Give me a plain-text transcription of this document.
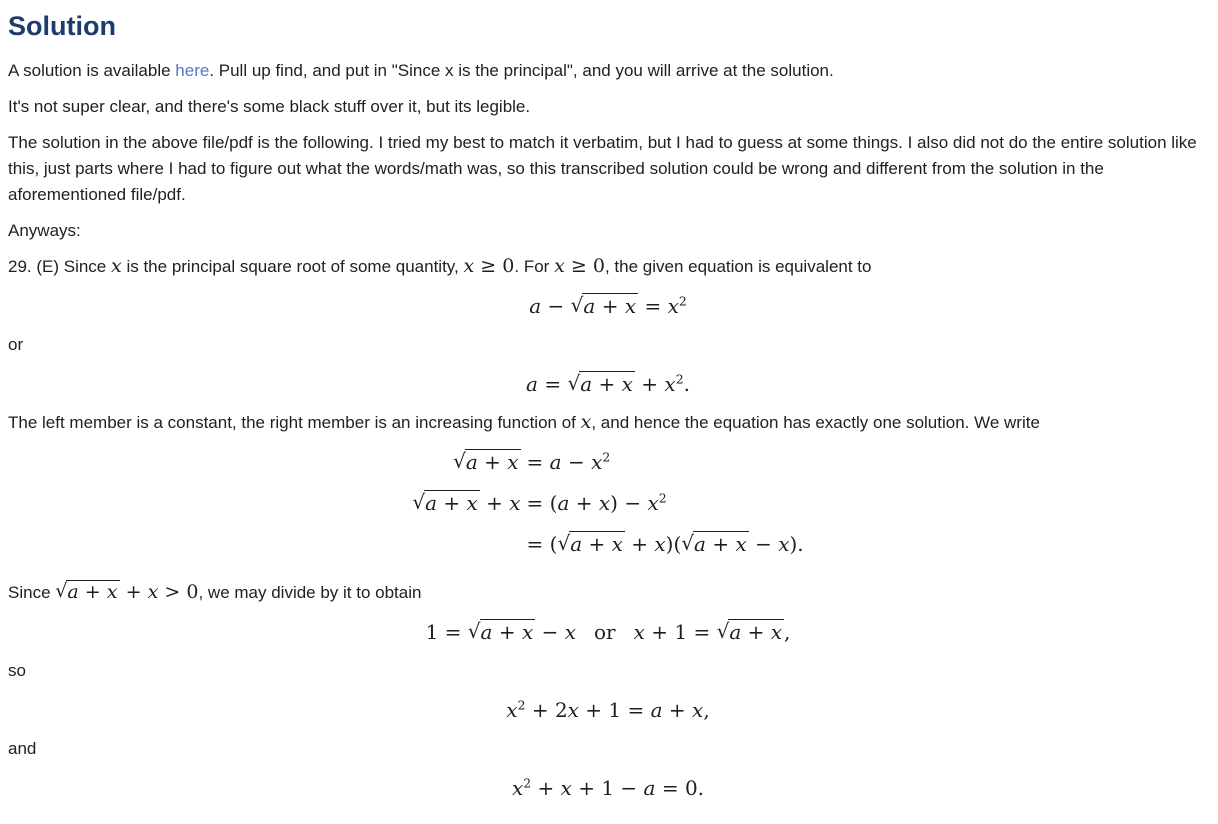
Solution

A solution is available here. Pull up find, and put in "Since x is the principal", and you will arrive at the solution.

It's not super clear, and there's some black stuff over it, but its legible.

The solution in the above file/pdf is the following. I tried my best to match it verbatim, but I had to guess at some things. I also did not do the entire solution like this, just parts where I had to figure out what the words/math was, so this transcribed solution could be wrong and different from the solution in the aforementioned file/pdf.

Anyways:

29. (E) Since x is the principal square root of some quantity, x ≥ 0. For x ≥ 0, the given equation is equivalent to

$a - √a + x = x^2$

or

$a = √a + x + x^2$.

The left member is a constant, the right member is an increasing function of x, and hence the equation has exactly one solution. We write

$√a + x = a - x^2$
$√a + x + x = (a + x) - x^2$
= (√a + x + x)(√a + x − x).

Since √a + x + x > 0, we may divide by it to obtain

1 = √a + x − x or x + 1 = √a + x ,

so

$x^2 + 2x + 1 = a + x$,

and

$x^2 + x + 1 - a = 0$.
